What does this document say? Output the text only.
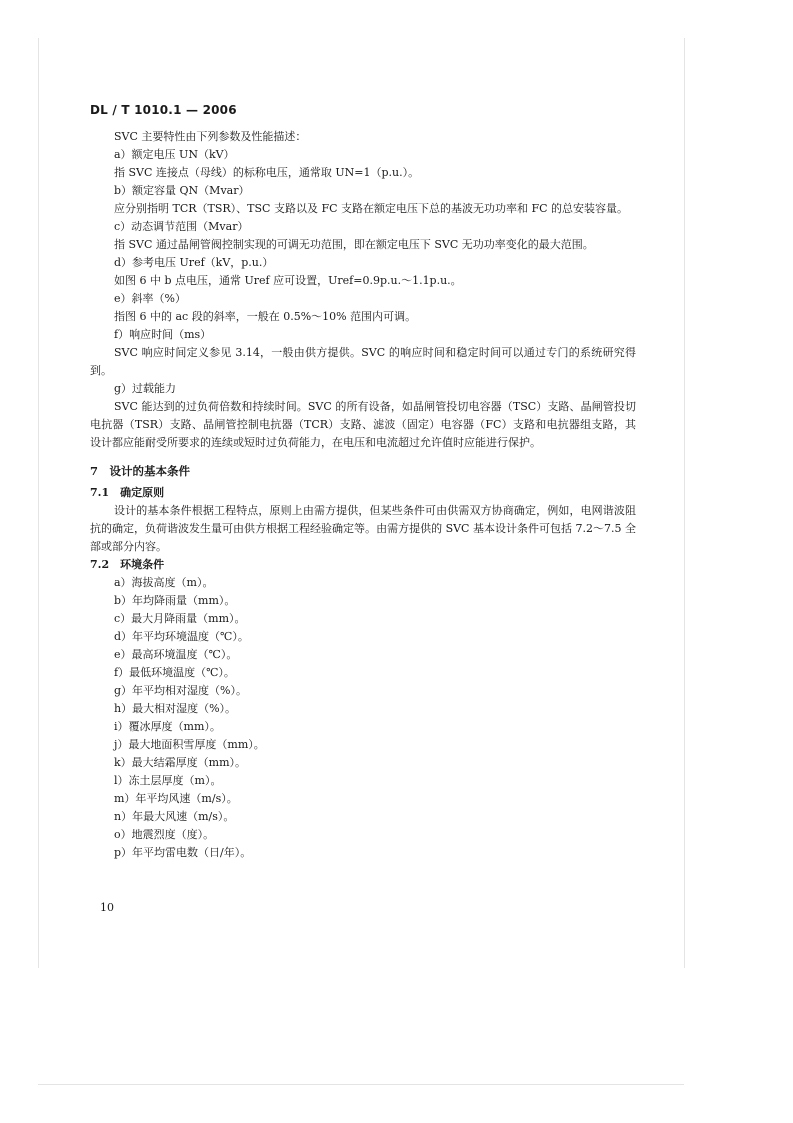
DL / T 1010.1 — 2006
SVC 主要特性由下列参数及性能描述：
a）额定电压 UN（kV）
指 SVC 连接点（母线）的标称电压，通常取 UN=1（p.u.）。
b）额定容量 QN（Mvar）
应分别指明 TCR（TSR）、TSC 支路以及 FC 支路在额定电压下总的基波无功功率和 FC 的总安装容量。
c）动态调节范围（Mvar）
指 SVC 通过晶闸管阀控制实现的可调无功范围，即在额定电压下 SVC 无功功率变化的最大范围。
d）参考电压 Uref（kV，p.u.）
如图 6 中 b 点电压，通常 Uref 应可设置，Uref=0.9p.u.～1.1p.u.。
e）斜率（%）
指图 6 中的 ac 段的斜率，一般在 0.5%～10% 范围内可调。
f）响应时间（ms）
SVC 响应时间定义参见 3.14，一般由供方提供。SVC 的响应时间和稳定时间可以通过专门的系统研究得到。
g）过载能力
SVC 能达到的过负荷倍数和持续时间。SVC 的所有设备，如晶闸管投切电容器（TSC）支路、晶闸管投切电抗器（TSR）支路、晶闸管控制电抗器（TCR）支路、滤波（固定）电容器（FC）支路和电抗器组支路，其设计都应能耐受所要求的连续或短时过负荷能力，在电压和电流超过允许值时应能进行保护。
7　设计的基本条件
7.1　确定原则
设计的基本条件根据工程特点，原则上由需方提供，但某些条件可由供需双方协商确定，例如，电网谐波阻抗的确定，负荷谐波发生量可由供方根据工程经验确定等。由需方提供的 SVC 基本设计条件可包括 7.2～7.5 全部或部分内容。
7.2　环境条件
a）海拔高度（m）。
b）年均降雨量（mm）。
c）最大月降雨量（mm）。
d）年平均环境温度（℃）。
e）最高环境温度（℃）。
f）最低环境温度（℃）。
g）年平均相对湿度（%）。
h）最大相对湿度（%）。
i）覆冰厚度（mm）。
j）最大地面积雪厚度（mm）。
k）最大结霜厚度（mm）。
l）冻土层厚度（m）。
m）年平均风速（m/s）。
n）年最大风速（m/s）。
o）地震烈度（度）。
p）年平均雷电数（日/年）。
10
